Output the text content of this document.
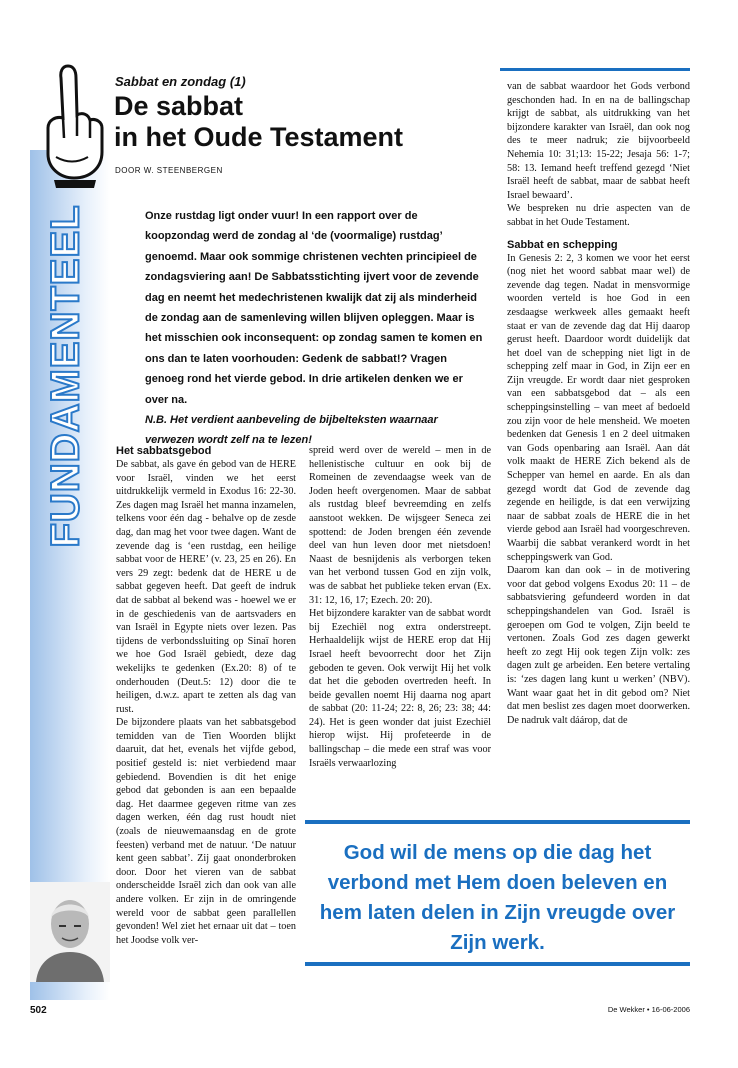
FUNDAMENTEEL
Sabbat en zondag (1)
De sabbat
in het Oude Testament
DOOR W. STEENBERGEN

Onze rustdag ligt onder vuur! In een rapport over de koopzondag werd de zondag al ‘de (voormalige) rustdag’ genoemd. Maar ook sommige christenen vechten principieel de zondagsviering aan! De Sabbatsstichting ijvert voor de zevende dag en neemt het medechristenen kwalijk dat zij als minderheid de zondag aan de samenleving willen blijven opleggen. Maar is het misschien ook inconsequent: op zondag samen te komen en ons dan te laten voorhouden: Gedenk de sabbat!? Vragen genoeg rond het vierde gebod. In drie artikelen denken we er over na.

N.B. Het verdient aanbeveling de bijbelteksten waarnaar verwezen wordt zelf na te lezen!

Het sabbatsgebod

De sabbat, als gave én gebod van de HERE voor Israël, vinden we het eerst uitdrukkelijk vermeld in Exodus 16: 22-30. Zes dagen mag Israël het manna inzamelen, telkens voor één dag - behalve op de zesde dag, dan mag het voor twee dagen. Want de zevende dag is ‘een rustdag, een heilige sabbat voor de HERE’ (v. 23, 25 en 26). En vers 29 zegt: bedenk dat de HERE u de sabbat gegeven heeft. Dat geeft de indruk dat de sabbat al bekend was - hoewel we er in de geschiedenis van de aartsvaders en van Israël in Egypte niets over lezen. Pas tijdens de verbondssluiting op Sinaï horen we hoe God Israël gebiedt, deze dag wekelijks te gedenken (Ex.20: 8) of te onderhouden (Deut.5: 12) door die te heiligen, d.w.z. apart te zetten als dag van rust.

De bijzondere plaats van het sabbatsgebod temidden van de Tien Woorden blijkt daaruit, dat het, evenals het vijfde gebod, positief gesteld is: niet verbiedend maar gebiedend. Bovendien is dit het enige gebod dat gebonden is aan een bepaalde dag. Het daarmee gegeven ritme van zes dagen werken, één dag rust houdt niet (zoals de nieuwemaansdag en de grote feesten) verband met de natuur. ‘De natuur kent geen sabbat’. Zij gaat ononderbroken door. Door het vieren van de sabbat onderscheidde Israël zich dan ook van alle andere volken. Er zijn in de omringende wereld voor de sabbat geen parallellen gevonden! Wel ziet het ernaar uit dat – toen het Joodse volk ver-

spreid werd over de wereld – men in de hellenistische cultuur en ook bij de Romeinen de zevendaagse week van de Joden heeft overgenomen. Maar de sabbat als rustdag bleef bevreemding en zelfs aanstoot wekken. De wijsgeer Seneca zei spottend: de Joden brengen één zevende deel van hun leven door met nietsdoen! Naast de besnijdenis als verborgen teken van het verbond tussen God en zijn volk, was de sabbat het publieke teken ervan (Ex. 31: 12, 16, 17; Ezech. 20: 20).

Het bijzondere karakter van de sabbat wordt bij Ezechiël nog extra onderstreept. Herhaaldelijk wijst de HERE erop dat Hij Israel heeft bevoorrecht door het Zijn geboden te geven. Ook verwijt Hij het volk dat het die geboden overtreden heeft. In beide gevallen noemt Hij daarna nog apart de sabbat (20: 11-24; 22: 8, 26; 23: 38; 44: 24). Het is geen wonder dat juist Ezechiël hierop wijst. Hij profeteerde in de ballingschap – die mede een straf was voor Israëls verwaarlozing

van de sabbat waardoor het Gods verbond geschonden had. In en na de ballingschap krijgt de sabbat, als uitdrukking van het bijzondere karakter van Israël, dan ook nog des te meer nadruk; zie bijvoorbeeld Nehemia 10: 31;13: 15-22; Jesaja 56: 1-7; 58: 13. Iemand heeft treffend gezegd ‘Niet Israël heeft de sabbat, maar de sabbat heeft Israel bewaard’.

We bespreken nu drie aspecten van de sabbat in het Oude Testament.

Sabbat en schepping

In Genesis 2: 2, 3 komen we voor het eerst (nog niet het woord sabbat maar wel) de zevende dag tegen. Nadat in mensvormige woorden verteld is hoe God in een zesdaagse werkweek alles gemaakt heeft staat er van de zevende dag dat Hij daarop gerust heeft. Daardoor wordt duidelijk dat het doel van de schepping niet ligt in de schepping zelf maar in God, in Zijn eer en Zijn vreugde. Er wordt daar niet gesproken van een sabbatsgebod dat – als een scheppingsinstelling – van meet af bedoeld zou zijn voor de hele mensheid. We moeten bedenken dat Genesis 1 en 2 deel uitmaken van Gods openbaring aan Israël. Aan dát volk maakt de HERE Zich bekend als de Schepper van hemel en aarde. En als dan gezegd wordt dat God de zevende dag zegende en heiligde, is dat een verwijzing naar de sabbat zoals de HERE die in het vierde gebod aan Israël had voorgeschreven. Waarbij die sabbat verankerd wordt in het scheppingswerk van God.

Daarom kan dan ook – in de motivering voor dat gebod volgens Exodus 20: 11 – de sabbatsviering gefundeerd worden in dat scheppingshandelen van God. Israël is geroepen om God te volgen, Zijn beeld te vertonen. Zoals God zes dagen gewerkt heeft zo zegt Hij ook tegen Zijn volk: zes dagen zult ge arbeiden. Een betere vertaling is: ‘zes dagen lang kunt u werken’ (NBV). Want waar gaat het in dit gebod om? Niet dat men beslist zes dagen moet doorwerken. De nadruk valt dáárop, dat de

God wil de mens op die dag het verbond met Hem doen beleven en hem laten delen in Zijn vreugde over Zijn werk.
502	De Wekker • 16-06-2006
